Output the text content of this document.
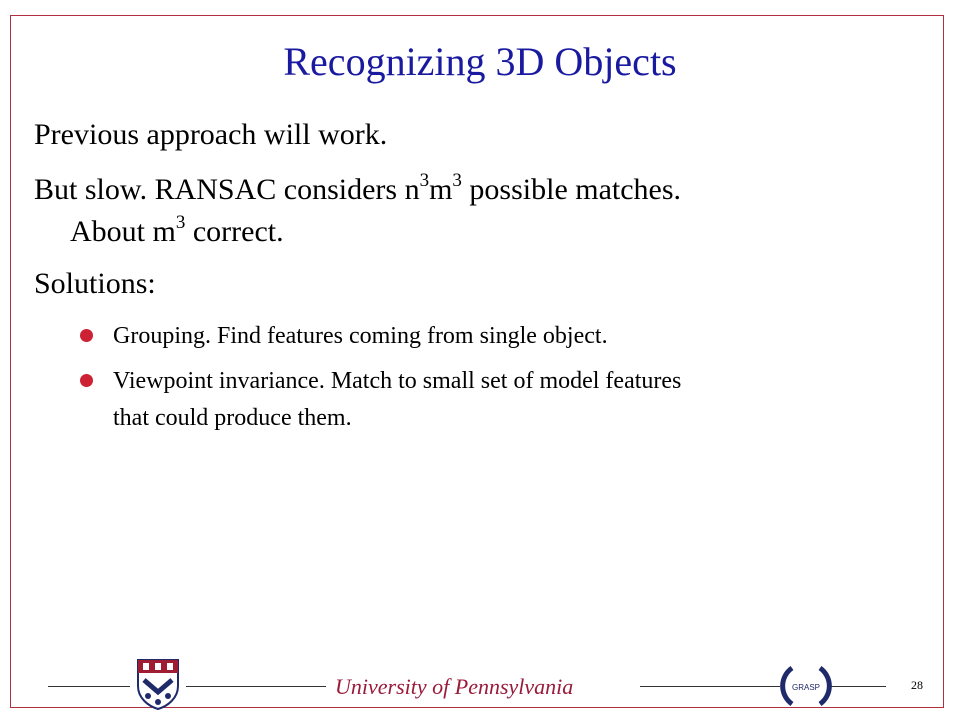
Recognizing 3D Objects
Previous approach will work.
But slow. RANSAC considers $n^3m^3$ possible matches.
About $m^3$ correct.
Solutions:
Grouping. Find features coming from single object.
Viewpoint invariance. Match to small set of model features
that could produce them.
University of Pennsylvania	GRASP	28
